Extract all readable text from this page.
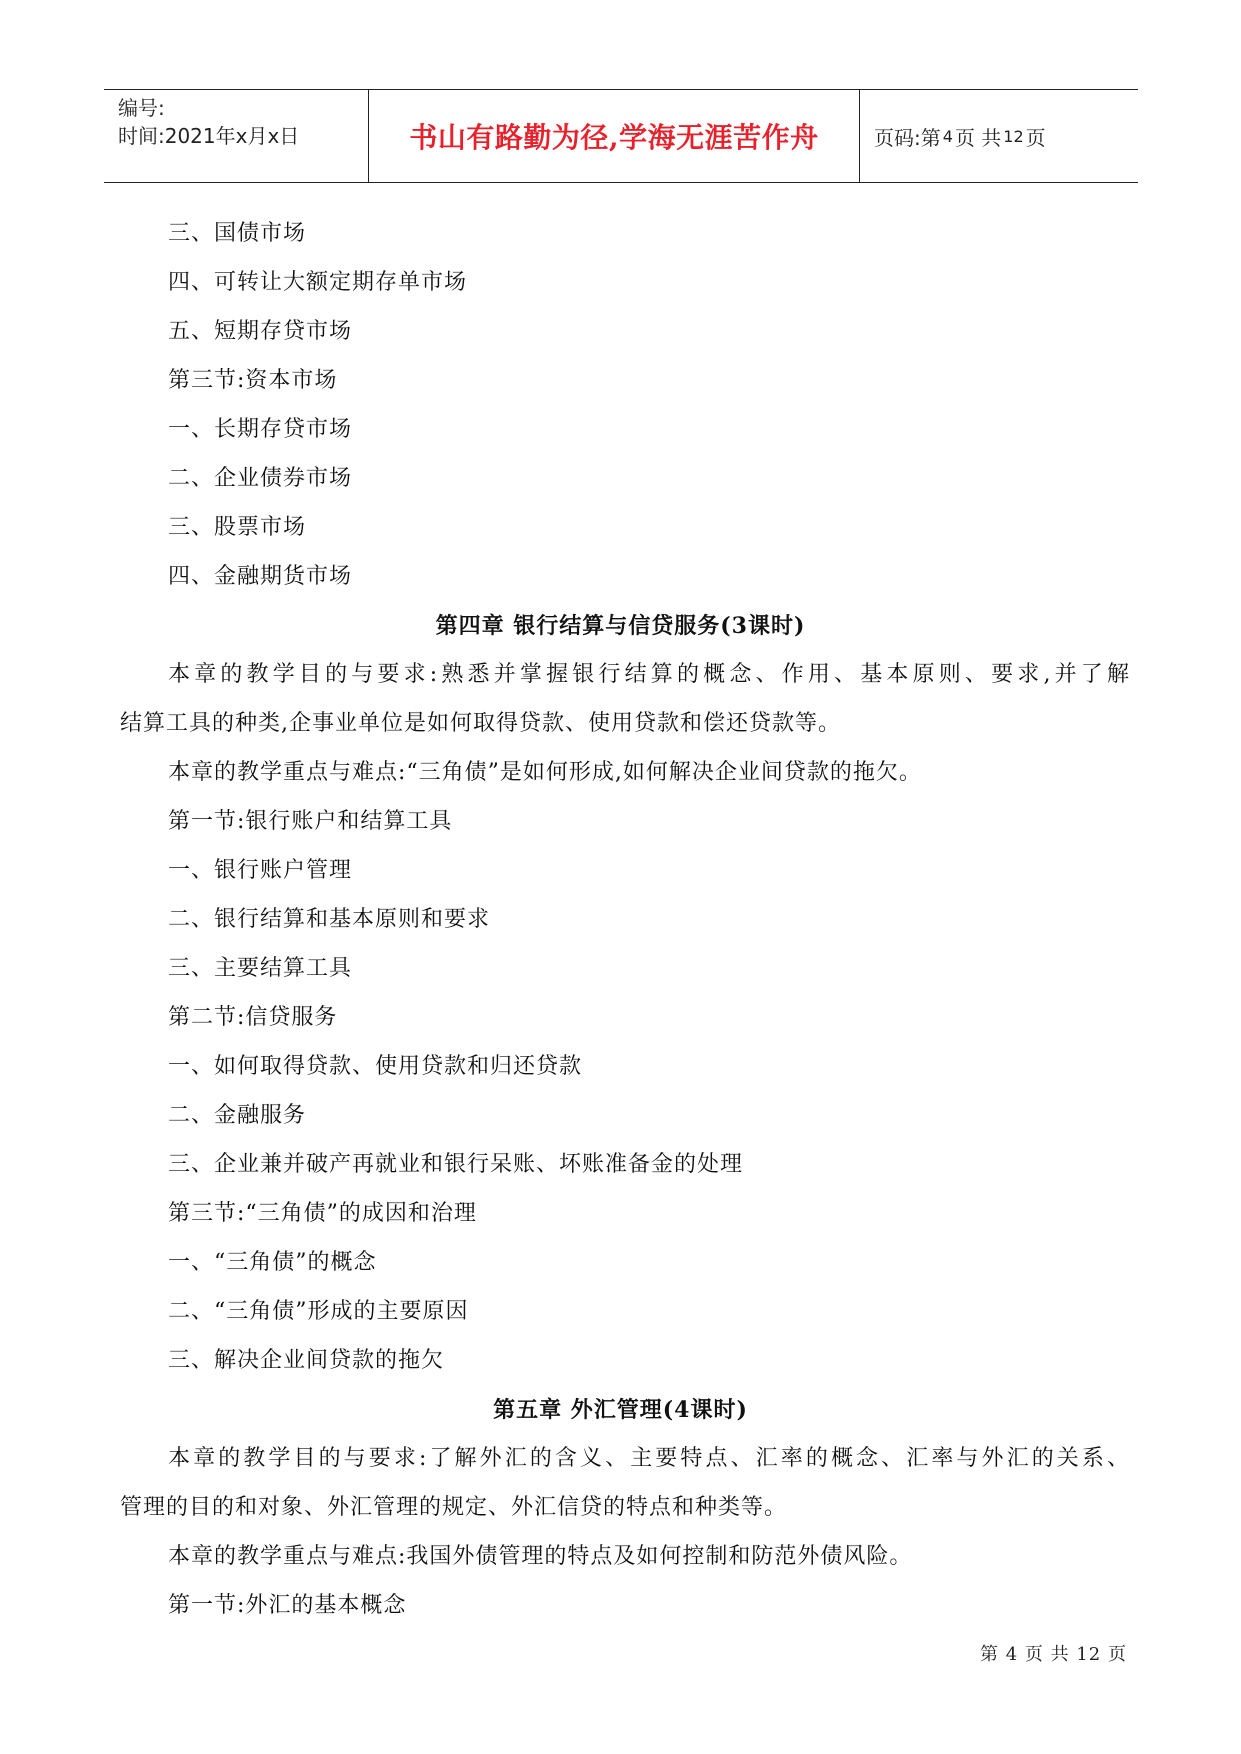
编号:
时间:2021年x月x日	书山有路勤为径,学海无涯苦作舟	页码:第 4 页 共 12 页
三、国债市场
四、可转让大额定期存单市场
五、短期存贷市场
第三节:资本市场
一、长期存贷市场
二、企业债券市场
三、股票市场
四、金融期货市场
第四章 银行结算与信贷服务(3课时)
本章的教学目的与要求:熟悉并掌握银行结算的概念、作用、基本原则、要求,并了解
结算工具的种类,企事业单位是如何取得贷款、使用贷款和偿还贷款等。
本章的教学重点与难点:“三角债”是如何形成,如何解决企业间贷款的拖欠。
第一节:银行账户和结算工具
一、银行账户管理
二、银行结算和基本原则和要求
三、主要结算工具
第二节:信贷服务
一、如何取得贷款、使用贷款和归还贷款
二、金融服务
三、企业兼并破产再就业和银行呆账、坏账准备金的处理
第三节:“三角债”的成因和治理
一、“三角债”的概念
二、“三角债”形成的主要原因
三、解决企业间贷款的拖欠
第五章 外汇管理(4课时)
本章的教学目的与要求:了解外汇的含义、主要特点、汇率的概念、汇率与外汇的关系、
管理的目的和对象、外汇管理的规定、外汇信贷的特点和种类等。
本章的教学重点与难点:我国外债管理的特点及如何控制和防范外债风险。
第一节:外汇的基本概念
第 4 页 共 12 页
